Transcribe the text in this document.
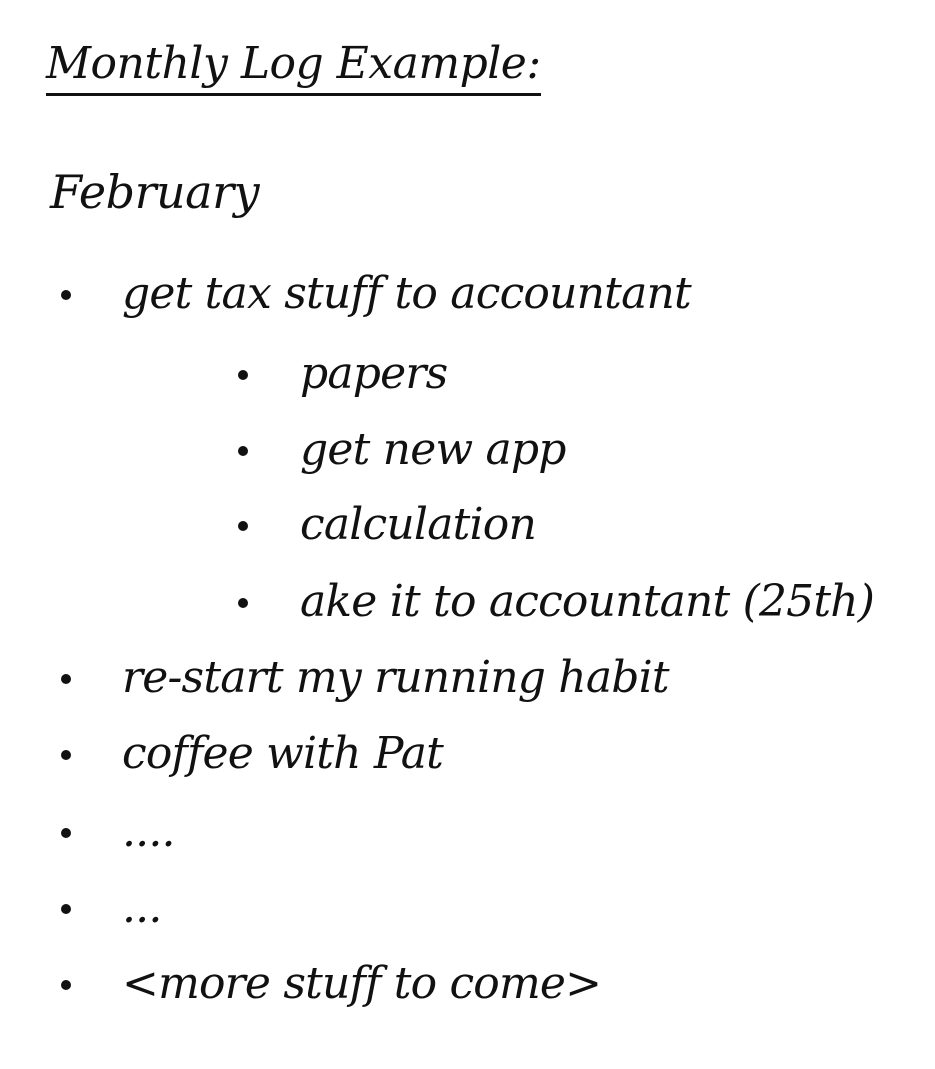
Monthly Log Example:
February
get tax stuff to accountant
papers
get new app
calculation
ake it to accountant (25th)
re-start my running habit
coffee with Pat
....
...
<more stuff to come>
